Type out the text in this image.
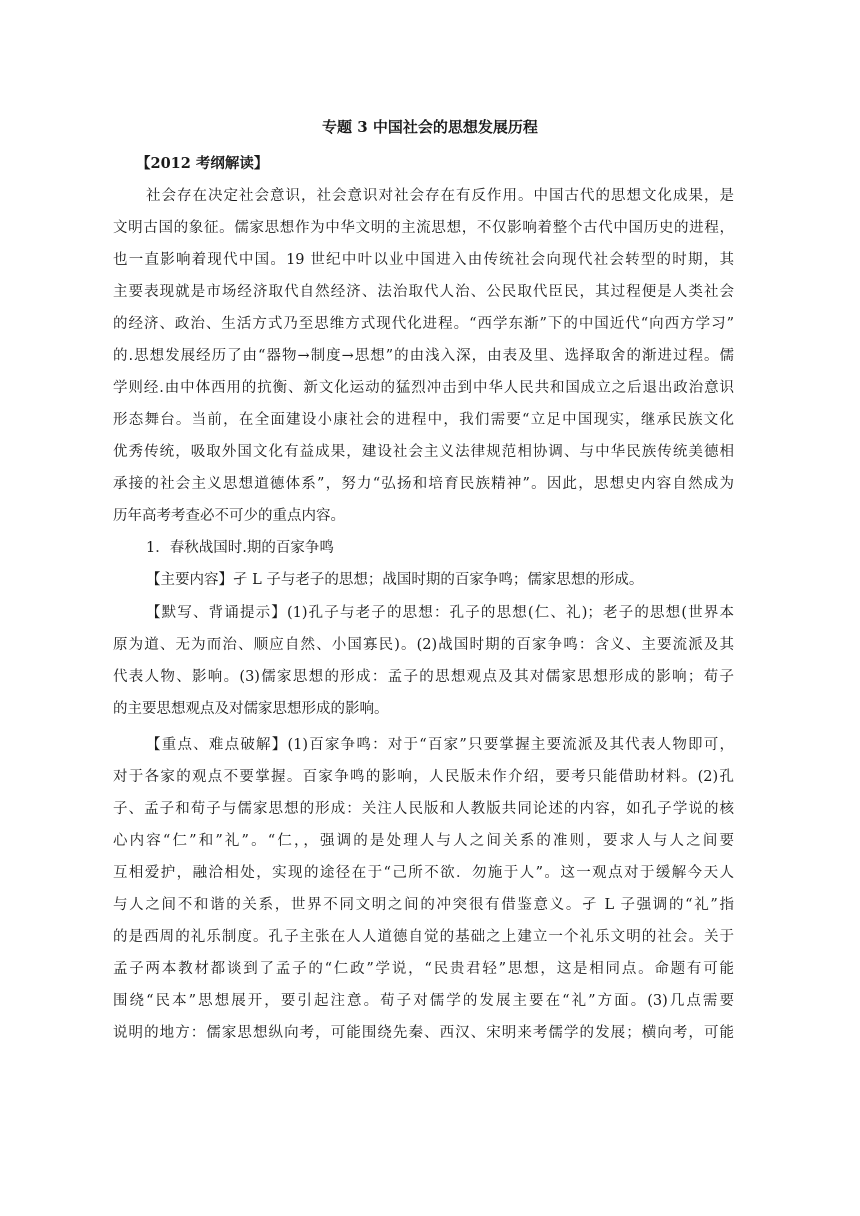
专题 3 中国社会的思想发展历程
【2012 考纲解读】
社会存在决定社会意识，社会意识对社会存在有反作用。中国古代的思想文化成果，是
文明古国的象征。儒家思想作为中华文明的主流思想，不仅影响着整个古代中国历史的进程，
也一直影响着现代中国。19 世纪中叶以业中国进入由传统社会向现代社会转型的时期，其
主要表现就是市场经济取代自然经济、法治取代人治、公民取代臣民，其过程便是人类社会
的经济、政治、生活方式乃至思维方式现代化进程。“西学东渐”下的中国近代“向西方学习”
的.思想发展经历了由“器物→制度→思想”的由浅入深，由表及里、选择取舍的渐进过程。儒
学则经.由中体西用的抗衡、新文化运动的猛烈冲击到中华人民共和国成立之后退出政治意识
形态舞台。当前，在全面建设小康社会的进程中，我们需要“立足中国现实，继承民族文化
优秀传统，吸取外国文化有益成果，建设社会主义法律规范相协调、与中华民族传统美德相
承接的社会主义思想道德体系”，努力“弘扬和培育民族精神”。因此，思想史内容自然成为
历年高考考查必不可少的重点内容。
1．春秋战国时.期的百家争鸣
【主要内容】孑 L 子与老子的思想；战国时期的百家争鸣；儒家思想的形成。
【默写、背诵提示】(1)孔子与老子的思想：孔子的思想(仁、礼)；老子的思想(世界本
原为道、无为而治、顺应自然、小国寡民)。(2)战国时期的百家争鸣：含义、主要流派及其
代表人物、影响。(3)儒家思想的形成：孟子的思想观点及其对儒家思想形成的影响；荀子
的主要思想观点及对儒家思想形成的影响。
【重点、难点破解】(1)百家争鸣：对于“百家”只要掌握主要流派及其代表人物即可，
对于各家的观点不要掌握。百家争鸣的影响，人民版未作介绍，要考只能借助材料。(2)孔
子、孟子和荀子与儒家思想的形成：关注人民版和人教版共同论述的内容，如孔子学说的核
心内容“仁”和”礼”。“仁，，强调的是处理人与人之间关系的准则，要求人与人之间要
互相爱护，融洽相处，实现的途径在于“己所不欲．勿施于人”。这一观点对于缓解今天人
与人之间不和谐的关系，世界不同文明之间的冲突很有借鉴意义。孑 L 子强调的“礼”指
的是西周的礼乐制度。孔子主张在人人道德自觉的基础之上建立一个礼乐文明的社会。关于
孟子两本教材都谈到了孟子的“仁政”学说，“民贵君轻”思想，这是相同点。命题有可能
围绕“民本”思想展开，要引起注意。荀子对儒学的发展主要在“礼”方面。(3)几点需要
说明的地方：儒家思想纵向考，可能围绕先秦、西汉、宋明来考儒学的发展；横向考，可能
